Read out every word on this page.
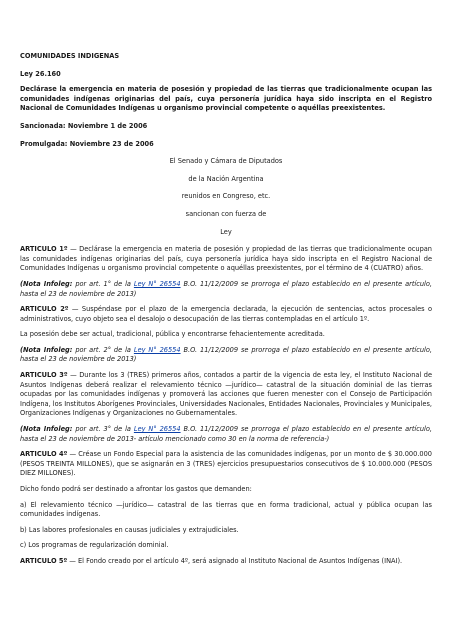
COMUNIDADES INDIGENAS

Ley 26.160

Declárase la emergencia en materia de posesión y propiedad de las tierras que tradicionalmente ocupan las comunidades indígenas originarias del país, cuya personería jurídica haya sido inscripta en el Registro Nacional de Comunidades Indígenas u organismo provincial competente o aquéllas preexistentes.

Sancionada: Noviembre 1 de 2006

Promulgada: Noviembre 23 de 2006

El Senado y Cámara de Diputados

de la Nación Argentina

reunidos en Congreso, etc.

sancionan con fuerza de

Ley

ARTICULO 1º — Declárase la emergencia en materia de posesión y propiedad de las tierras que tradicionalmente ocupan las comunidades indígenas originarias del país, cuya personería jurídica haya sido inscripta en el Registro Nacional de Comunidades Indígenas u organismo provincial competente o aquéllas preexistentes, por el término de 4 (CUATRO) años.

(Nota Infoleg: por art. 1° de la Ley N° 26554 B.O. 11/12/2009 se prorroga el plazo establecido en el presente artículo, hasta el 23 de noviembre de 2013)

ARTICULO 2º — Suspéndase por el plazo de la emergencia declarada, la ejecución de sentencias, actos procesales o administrativos, cuyo objeto sea el desalojo o desocupación de las tierras contempladas en el artículo 1º.

La posesión debe ser actual, tradicional, pública y encontrarse fehacientemente acreditada.

(Nota Infoleg: por art. 2° de la Ley N° 26554 B.O. 11/12/2009 se prorroga el plazo establecido en el presente artículo, hasta el 23 de noviembre de 2013)

ARTICULO 3º — Durante los 3 (TRES) primeros años, contados a partir de la vigencia de esta ley, el Instituto Nacional de Asuntos Indígenas deberá realizar el relevamiento técnico —jurídico— catastral de la situación dominial de las tierras ocupadas por las comunidades indígenas y promoverá las acciones que fueren menester con el Consejo de Participación Indígena, los Institutos Aborígenes Provinciales, Universidades Nacionales, Entidades Nacionales, Provinciales y Municipales, Organizaciones Indígenas y Organizaciones no Gubernamentales.

(Nota Infoleg: por art. 3° de la Ley N° 26554 B.O. 11/12/2009 se prorroga el plazo establecido en el presente artículo, hasta el 23 de noviembre de 2013- artículo mencionado como 30 en la norma de referencia-)

ARTICULO 4º — Créase un Fondo Especial para la asistencia de las comunidades indígenas, por un monto de $ 30.000.000 (PESOS TREINTA MILLONES), que se asignarán en 3 (TRES) ejercicios presupuestarios consecutivos de $ 10.000.000 (PESOS DIEZ MILLONES).

Dicho fondo podrá ser destinado a afrontar los gastos que demanden:

a) El relevamiento técnico —jurídico— catastral de las tierras que en forma tradicional, actual y pública ocupan las comunidades indígenas.

b) Las labores profesionales en causas judiciales y extrajudiciales.

c) Los programas de regularización dominial.

ARTICULO 5º — El Fondo creado por el artículo 4º, será asignado al Instituto Nacional de Asuntos Indígenas (INAI).
